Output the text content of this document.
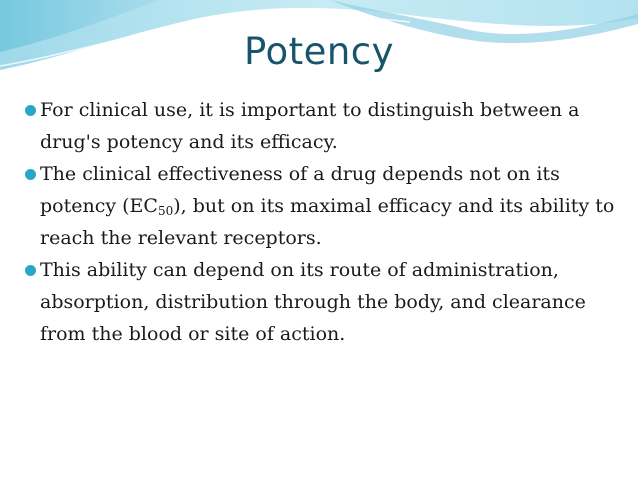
Potency
For clinical use, it is important to distinguish between a drug's potency and its efficacy.
The clinical effectiveness of a drug depends not on its potency $(EC_{50})$, but on its maximal efficacy and its ability to reach the relevant receptors.
This ability can depend on its route of administration, absorption, distribution through the body, and clearance from the blood or site of action.
